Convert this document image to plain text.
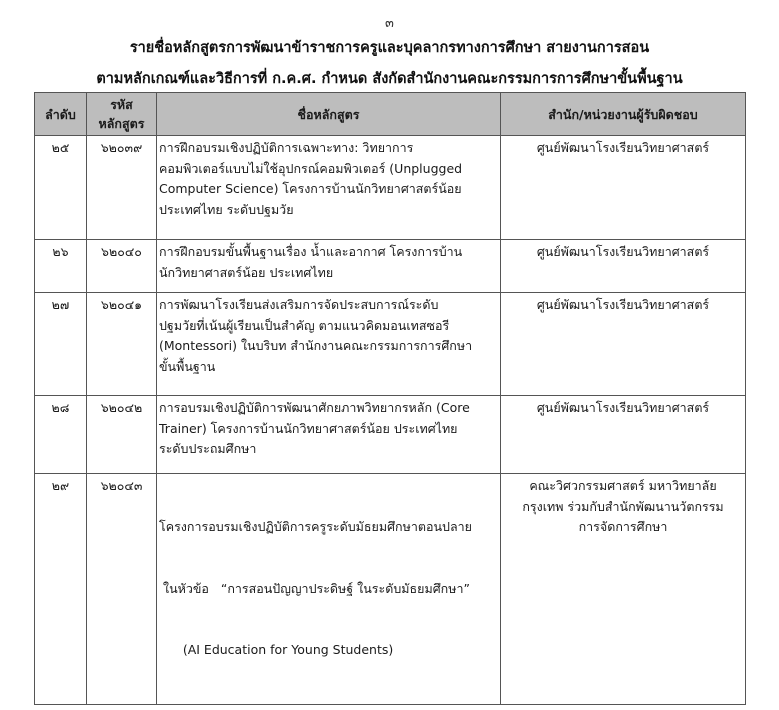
๓
รายชื่อหลักสูตรการพัฒนาข้าราชการครูและบุคลากรทางการศึกษา สายงานการสอน
ตามหลักเกณฑ์และวิธีการที่ ก.ค.ศ. กำหนด สังกัดสำนักงานคณะกรรมการการศึกษาขั้นพื้นฐาน
ลำดับ	รหัส
หลักสูตร	ชื่อหลักสูตร	สำนัก/หน่วยงานผู้รับผิดชอบ
๒๕	๖๒๐๓๙	การฝึกอบรมเชิงปฏิบัติการเฉพาะทาง: วิทยาการ
คอมพิวเตอร์แบบไม่ใช้อุปกรณ์คอมพิวเตอร์ (Unplugged
Computer Science) โครงการบ้านนักวิทยาศาสตร์น้อย
ประเทศไทย ระดับปฐมวัย	ศูนย์พัฒนาโรงเรียนวิทยาศาสตร์

๒๖	๖๒๐๔๐	การฝึกอบรมขั้นพื้นฐานเรื่อง น้ำและอากาศ โครงการบ้าน
นักวิทยาศาสตร์น้อย ประเทศไทย	ศูนย์พัฒนาโรงเรียนวิทยาศาสตร์

๒๗	๖๒๐๔๑	การพัฒนาโรงเรียนส่งเสริมการจัดประสบการณ์ระดับ
ปฐมวัยที่เน้นผู้เรียนเป็นสำคัญ ตามแนวคิดมอนเทสซอรี
(Montessori) ในบริบท สำนักงานคณะกรรมการการศึกษา
ขั้นพื้นฐาน	ศูนย์พัฒนาโรงเรียนวิทยาศาสตร์

๒๘	๖๒๐๔๒	การอบรมเชิงปฏิบัติการพัฒนาศักยภาพวิทยากรหลัก (Core
Trainer) โครงการบ้านนักวิทยาศาสตร์น้อย ประเทศไทย
ระดับประถมศึกษา	ศูนย์พัฒนาโรงเรียนวิทยาศาสตร์

๒๙	๖๒๐๔๓	โครงการอบรมเชิงปฏิบัติการครูระดับมัธยมศึกษาตอนปลาย

ในหัวข้อ   “การสอนปัญญาประดิษฐ์ ในระดับมัธยมศึกษา”

(AI Education for Young Students)	คณะวิศวกรรมศาสตร์ มหาวิทยาลัย
กรุงเทพ ร่วมกับสำนักพัฒนานวัตกรรม
การจัดการศึกษา
